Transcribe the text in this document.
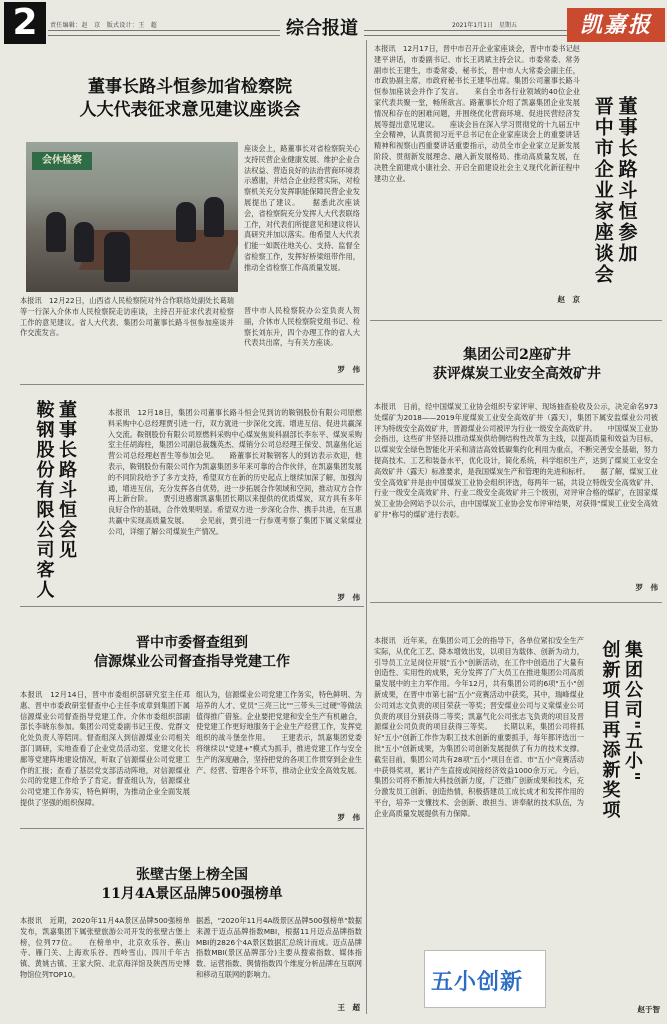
2	责任编辑：赵　京　版式设计：王　超	综合报道	2021年1月1日　星期五	凯嘉报
董事长路斗恒参加省检察院
人大代表征求意见建议座谈会
会休检察
座谈会上，路董事长对省检察院关心支持民营企业健康发展、维护企业合法权益、营造良好的法治营商环境表示感谢，并结合企业经营实际，对检察机关充分发挥职能保障民营企业发展提出了建议。　　据悉此次座谈会，省检察院充分发挥人大代表联络工作，对代表们所提意见和建议将认真研究并加以落实。他希望人大代表们能一如既往地关心、支持、监督全省检察工作，发挥好桥梁纽带作用，推动全省检察工作高质量发展。
本报讯　12月22日，山西省人民检察院对外合作联络处副处长葛瑞等一行深入介休市人民检察院走访座谈，主持召开征求代表对检察工作的意见建议。省人大代表、集团公司董事长路斗恒参加座谈并作交流发言。
晋中市人民检察院办公室负责人贺丽，介休市人民检察院党组书记、检察长刘东升，四个办理工作的省人大代表共出席，与有关方座谈。
罗　伟
本报讯　12月17日，晋中市召开企业家座谈会，晋中市委书记赵建平讲话，市委副书记、市长王鸿斌主持会议。市委常委、常务副市长王建生，市委常委、秘书长，晋中市人大常委会副主任，市政协副主席、市政府秘书长王建华出席。集团公司董事长路斗恒参加座谈会并作了发言。　　来自全市各行业领域的40位企业家代表共聚一堂，畅所欲言。路董事长介绍了凯嘉集团企业发展情况和存在的困难问题，并围绕优化营商环境、促进民营经济发展等提出意见建议。　　座谈会旨在深入学习贯彻党的十九届五中全会精神，认真贯彻习近平总书记在企业家座谈会上的重要讲话精神和视察山西重要讲话重要指示，动员全市企业家立足新发展阶段、贯彻新发展理念、融入新发展格局、推动高质量发展，在决胜全面建成小康社会、开启全面建设社会主义现代化新征程中建功立业。
赵　京
董事长路斗恒参加
晋中市企业家座谈会
集团公司2座矿井
获评煤炭工业安全高效矿井
本报讯　日前，经中国煤炭工业协会组织专家评审、现场抽查验收及公示，决定命名973处煤矿为2018——2019年度煤炭工业安全高效矿井（露天），集团下属安监煤业公司被评为特级安全高效矿井，晋源煤业公司被评为行业一级安全高效矿井。　　中国煤炭工业协会指出，这些矿井坚持以推动煤炭供给侧结构性改革为主线，以提高质量和效益为目标，以煤炭安全绿色智能化开采和清洁高效低碳集约化利用为重点，不断完善安全基础，努力提高技术、工艺和装备水平，优化设计，简化系统，科学组织生产，达到了煤炭工业安全高效矿井（露天）标准要求，是我国煤炭生产和管理的先进和标杆。　　据了解，煤炭工业安全高效矿井是由中国煤炭工业协会组织评选，每两年一届，共设立特级安全高效矿井、行业一级安全高效矿井、行业二级安全高效矿井三个级别，对评审合格的煤矿，在国家煤炭工业协会网站予以公示，由中国煤炭工业协会发布评审结果，对获得"煤炭工业安全高效矿井"称号的煤矿进行表彰。
罗　伟
董事长路斗恒会见
鞍钢股份有限公司客人	本报讯　12月18日，集团公司董事长路斗恒会见到访的鞍钢股份有限公司原燃料采购中心总经理贾引进一行，双方就进一步深化交流、增进互信、促进共赢深入交流。鞍钢股份有限公司原燃料采购中心煤炭焦炭科副部长李东平、煤炭采购室主任胡海柱，集团公司副总裁魏英杰、煤销分公司总经理王保安、凯嘉焦化运营公司总经理赵晋生等参加会见。　　路董事长对鞍钢客人的到访表示欢迎，他表示，鞍钢股份有限公司作为凯嘉集团多年来可靠的合作伙伴，在凯嘉集团发展的不同阶段给予了多方支持，希望双方在新的历史起点上继续加深了解，加强沟通，增进互信，充分发挥各自优势，进一步拓展合作领域和空间，推动双方合作再上新台阶。　　贾引进感谢凯嘉集团长期以来提供的优质煤炭，双方具有多年良好合作的基础，合作效果明显。希望双方进一步深化合作、携手共进，在互惠共赢中实现高质量发展。　　会见前，贾引进一行参观考察了集团下属义棠煤业公司，详细了解公司煤炭生产情况。
罗　伟
晋中市委督查组到
信源煤业公司督查指导党建工作
本报讯　12月14日，晋中市委组织部研究室主任邓惠、晋中市委政研室督查中心主任李成章到集团下属信源煤业公司督查指导党建工作。介休市委组织部副部长李晓东参加。集团公司党委副书记王俊、党群文化处负责人等陪同。督查组深入到信源煤业公司相关部门调研，实地查看了企业党员活动室、党建文化长廊等党建阵地建设情况，听取了信源煤业公司党建工作的汇报；查看了基层党支部活动阵地，对信源煤业公司的党建工作给予了肯定。督查组认为，信源煤业公司党建工作务实，特色鲜明，为推动企业全面发展提供了坚强的组织保障。
组认为，信源煤业公司党建工作务实，特色鲜明、为培养的人才、党员"三亮三比""三带头三过硬"等做法值得推广借鉴。企业要把党建和安全生产有机融合，使党建工作更好地服务于企业生产经营工作，发挥党组织的战斗堡垒作用。　　王建表示，凯嘉集团党委将继续以"党建+"模式为抓手，推进党建工作与安全生产的深度融合，坚持把党的各项工作贯穿到企业生产、经营、管理各个环节，推动企业安全高效发展。
罗　伟
张壁古堡上榜全国
11月4A景区品牌500强榜单
本报讯　近期，2020年11月4A景区品牌500强榜单发布，凯嘉集团下属张壁旅游公司开发的张壁古堡上榜，位列77位。　　在榜单中，北京欢乐谷、蕉山寺、雁门关、上海欢乐谷、西岭雪山、四川千年古镇、黄姚古镇、王家大院、北京海洋馆及陕西历史博物馆位列TOP10。
据悉，"2020年11月4A级景区品牌500强榜单"数据来源于迈点品牌指数MBI，根据11月迈点品牌指数MBI的2826个4A景区数据汇总统计而成。迈点品牌指数MBI(景区品牌部分)主要从搜索指数、媒体指数、运营指数、舆情指数四个维度分析品牌在互联网和移动互联网的影响力。
王　超
本报讯　近年来，在集团公司工会的指导下，各单位紧扣安全生产实际，从优化工艺、降本增效出发，以项目为载体、创新为动力，引导员工立足岗位开展"五小"创新活动，在工作中创造出了大量有创造性、实用性的成果，充分发挥了广大员工在推进集团公司高质量发展中的主力军作用。今年12月，共有集团公司的6项"五小"创新成果，在晋中市第七届"五小"竞赛活动中获奖，其中，瑞峰煤业公司刘志文负责的项目荣获一等奖；晋安煤业公司与义棠煤业公司负责的项目分别获得二等奖；凯嘉气化公司张志飞负责的项目及晋源煤业公司负责的项目获得三等奖。　　长期以来，集团公司将抓好"五小"创新工作作为职工技术创新的重要抓手，每年都评选出一批"五小"创新成果，为集团公司创新发展提供了有力的技术支撑。截至目前，集团公司共有28项"五小"项目在省、市"五小"竞赛活动中获得奖项，累计产生直接或间接经济效益1000余万元。今后，集团公司将不断加大科技创新力度，广泛推广创新成果和技术，充分激发员工创新、创造热情，积极搭建员工成长成才和发挥作用的平台，培养一支懂技术、会创新、敢担当、讲奉献的技术队伍，为企业高质量发展提供有力保障。
集团公司"五小"
创新项目再添新奖项
五小创新
赵于智
